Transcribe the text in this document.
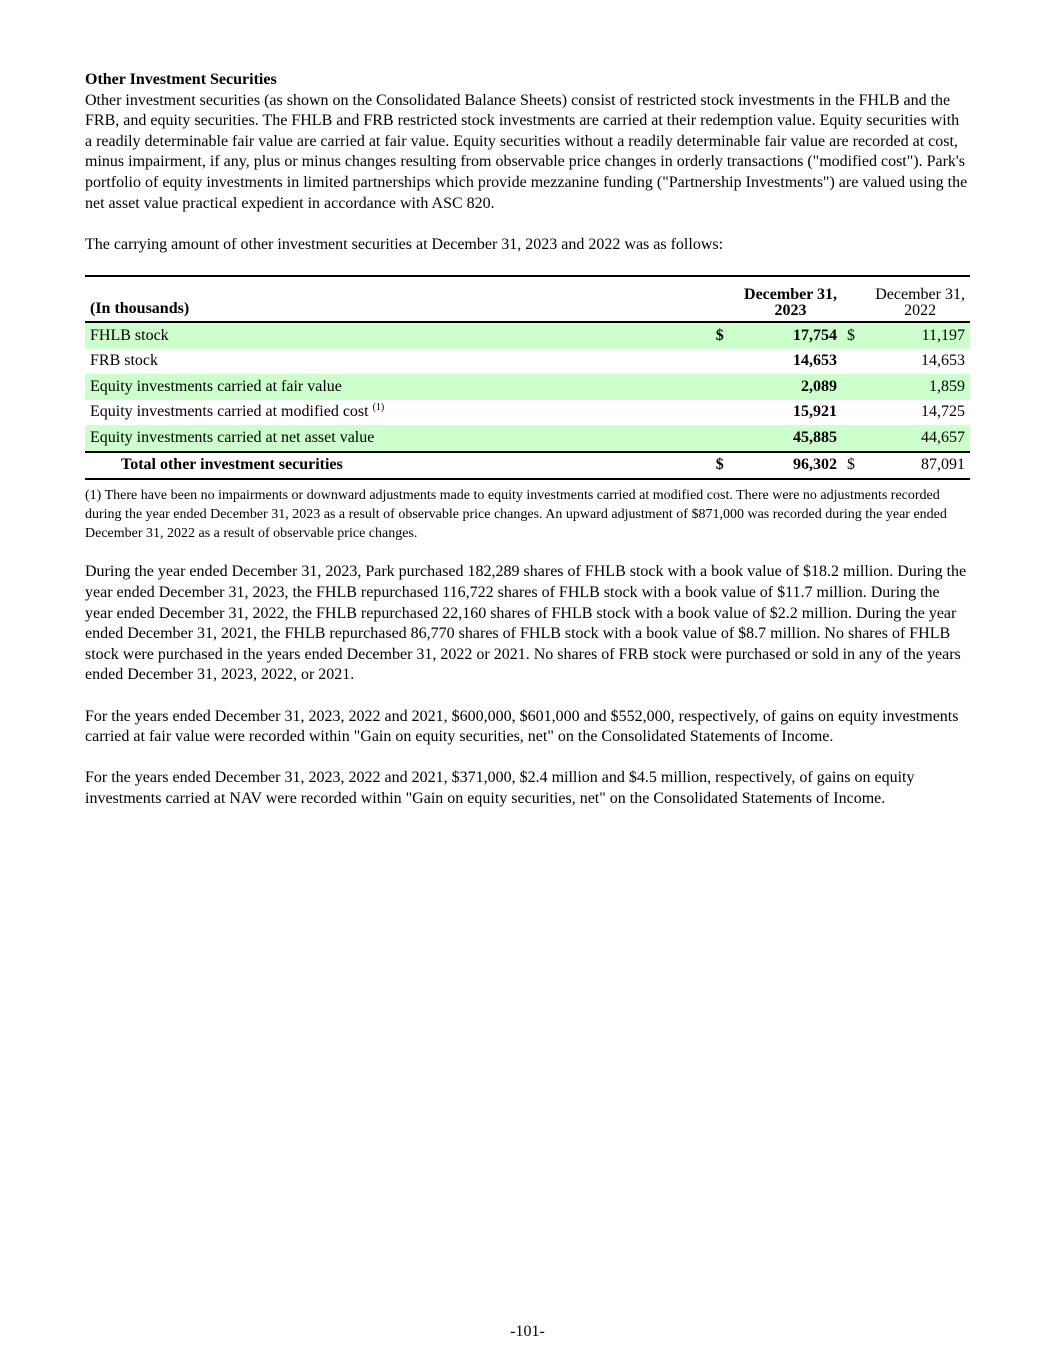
Other Investment Securities

Other investment securities (as shown on the Consolidated Balance Sheets) consist of restricted stock investments in the FHLB and the FRB, and equity securities. The FHLB and FRB restricted stock investments are carried at their redemption value. Equity securities with a readily determinable fair value are carried at fair value. Equity securities without a readily determinable fair value are recorded at cost, minus impairment, if any, plus or minus changes resulting from observable price changes in orderly transactions ("modified cost"). Park's portfolio of equity investments in limited partnerships which provide mezzanine funding ("Partnership Investments") are valued using the net asset value practical expedient in accordance with ASC 820.

The carrying amount of other investment securities at December 31, 2023 and 2022 was as follows:

(In thousands)		
December 31,
2023

December 31,
2022

FHLB stock	$	17,754	$	11,197
FRB stock		14,653		14,653
Equity investments carried at fair value		2,089		1,859
Equity investments carried at modified cost $^{(1)}$		15,921		14,725
Equity investments carried at net asset value		45,885		44,657
Total other investment securities	$	96,302	$	87,091

(1) There have been no impairments or downward adjustments made to equity investments carried at modified cost. There were no adjustments recorded during the year ended December 31, 2023 as a result of observable price changes. An upward adjustment of $871,000 was recorded during the year ended December 31, 2022 as a result of observable price changes.

During the year ended December 31, 2023, Park purchased 182,289 shares of FHLB stock with a book value of $18.2 million. During the year ended December 31, 2023, the FHLB repurchased 116,722 shares of FHLB stock with a book value of $11.7 million. During the year ended December 31, 2022, the FHLB repurchased 22,160 shares of FHLB stock with a book value of $2.2 million. During the year ended December 31, 2021, the FHLB repurchased 86,770 shares of FHLB stock with a book value of $8.7 million. No shares of FHLB stock were purchased in the years ended December 31, 2022 or 2021. No shares of FRB stock were purchased or sold in any of the years ended December 31, 2023, 2022, or 2021.

For the years ended December 31, 2023, 2022 and 2021, $600,000, $601,000 and $552,000, respectively, of gains on equity investments carried at fair value were recorded within "Gain on equity securities, net" on the Consolidated Statements of Income.

For the years ended December 31, 2023, 2022 and 2021, $371,000, $2.4 million and $4.5 million, respectively, of gains on equity investments carried at NAV were recorded within "Gain on equity securities, net" on the Consolidated Statements of Income.

-101-
